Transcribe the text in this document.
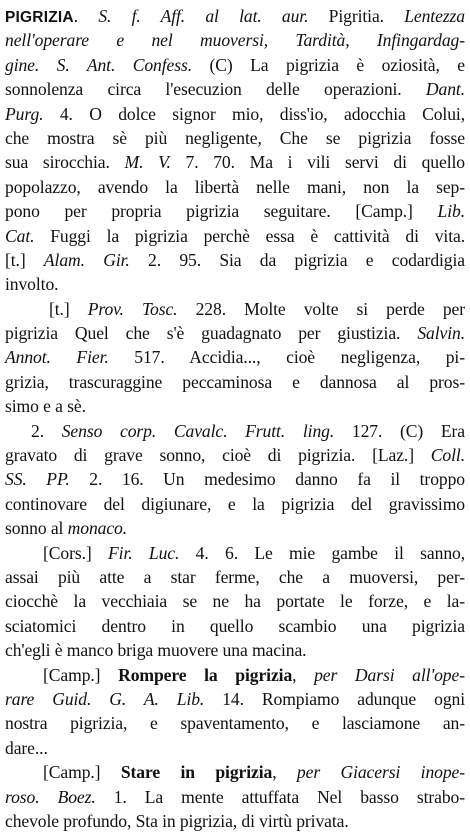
PIGRIZIA. S. f. Aff. al lat. aur. Pigritia. Lentezza
nell'operare e nel muoversi, Tardità, Infingardag-
gine. S. Ant. Confess. (C) La pigrizia è oziosità, e
sonnolenza circa l'esecuzion delle operazioni. Dant.
Purg. 4. O dolce signor mio, diss'io, adocchia Colui,
che mostra sè più negligente, Che se pigrizia fosse
sua sirocchia. M. V. 7. 70. Ma i vili servi di quello
popolazzo, avendo la libertà nelle mani, non la sep-
pono per propria pigrizia seguitare. [Camp.] Lib.
Cat. Fuggi la pigrizia perchè essa è cattività di vita.
[t.] Alam. Gir. 2. 95. Sia da pigrizia e codardigia
involto.
[t.] Prov. Tosc. 228. Molte volte si perde per
pigrizia Quel che s'è guadagnato per giustizia. Salvin.
Annot. Fier. 517. Accidia..., cioè negligenza, pi-
grizia, trascuraggine peccaminosa e dannosa al pros-
simo e a sè.
2. Senso corp. Cavalc. Frutt. ling. 127. (C) Era
gravato di grave sonno, cioè di pigrizia. [Laz.] Coll.
SS. PP. 2. 16. Un medesimo danno fa il troppo
continovare del digiunare, e la pigrizia del gravissimo
sonno al monaco.
[Cors.] Fir. Luc. 4. 6. Le mie gambe il sanno,
assai più atte a star ferme, che a muoversi, per-
ciocchè la vecchiaia se ne ha portate le forze, e la-
sciatomici dentro in quello scambio una pigrizia
ch'egli è manco briga muovere una macina.
[Camp.] Rompere la pigrizia, per Darsi all'ope-
rare Guid. G. A. Lib. 14. Rompiamo adunque ogni
nostra pigrizia, e spaventamento, e lasciamone an-
dare...
[Camp.] Stare in pigrizia, per Giacersi inope-
roso. Boez. 1. La mente attuffata Nel basso strabo-
chevole profundo, Sta in pigrizia, di virtù privata.
